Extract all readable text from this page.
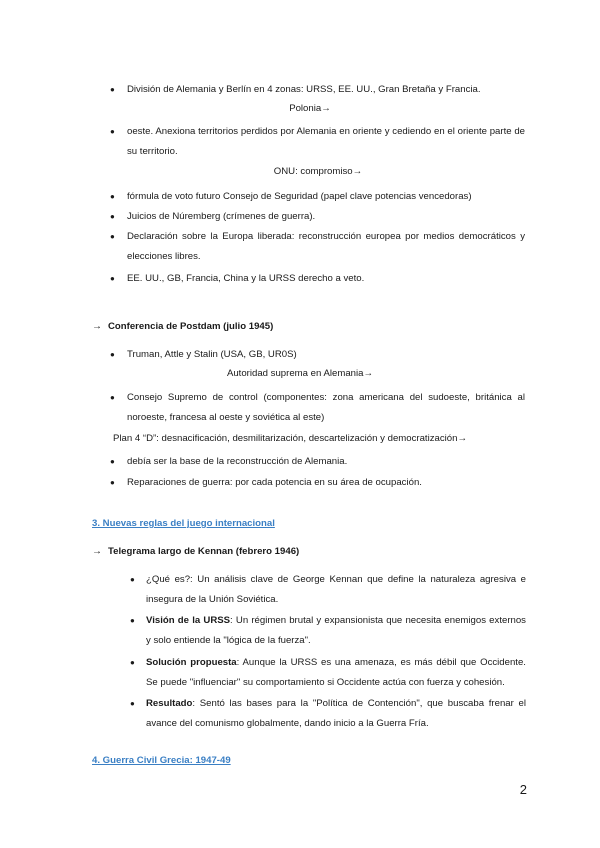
● División de Alemania y Berlín en 4 zonas: URSS, EE. UU., Gran Bretaña y Francia.
Polonia→
● oeste. Anexiona territorios perdidos por Alemania en oriente y cediendo en el oriente parte de su territorio.
ONU: compromiso→
● fórmula de voto futuro Consejo de Seguridad (papel clave potencias vencedoras)
● Juicios de Núremberg (crímenes de guerra).
● Declaración sobre la Europa liberada: reconstrucción europea por medios democráticos y elecciones libres.
● EE. UU., GB, Francia, China y la URSS derecho a veto.
→ Conferencia de Postdam (julio 1945)
● Truman, Attle y Stalin (USA, GB, UR0S)
Autoridad suprema en Alemania→
● Consejo Supremo de control (componentes: zona americana del sudoeste, británica al noroeste, francesa al oeste y soviética al este)
Plan 4 “D”: desnacificación, desmilitarización, descartelización y democratización→
● debía ser la base de la reconstrucción de Alemania.
● Reparaciones de guerra: por cada potencia en su área de ocupación.
3. Nuevas reglas del juego internacional
→ Telegrama largo de Kennan (febrero 1946)
● ¿Qué es?: Un análisis clave de George Kennan que define la naturaleza agresiva e insegura de la Unión Soviética.
● Visión de la URSS: Un régimen brutal y expansionista que necesita enemigos externos y solo entiende la "lógica de la fuerza".
● Solución propuesta: Aunque la URSS es una amenaza, es más débil que Occidente. Se puede "influenciar" su comportamiento si Occidente actúa con fuerza y cohesión.
● Resultado: Sentó las bases para la "Política de Contención", que buscaba frenar el avance del comunismo globalmente, dando inicio a la Guerra Fría.
4. Guerra Civil Grecia: 1947-49
2
